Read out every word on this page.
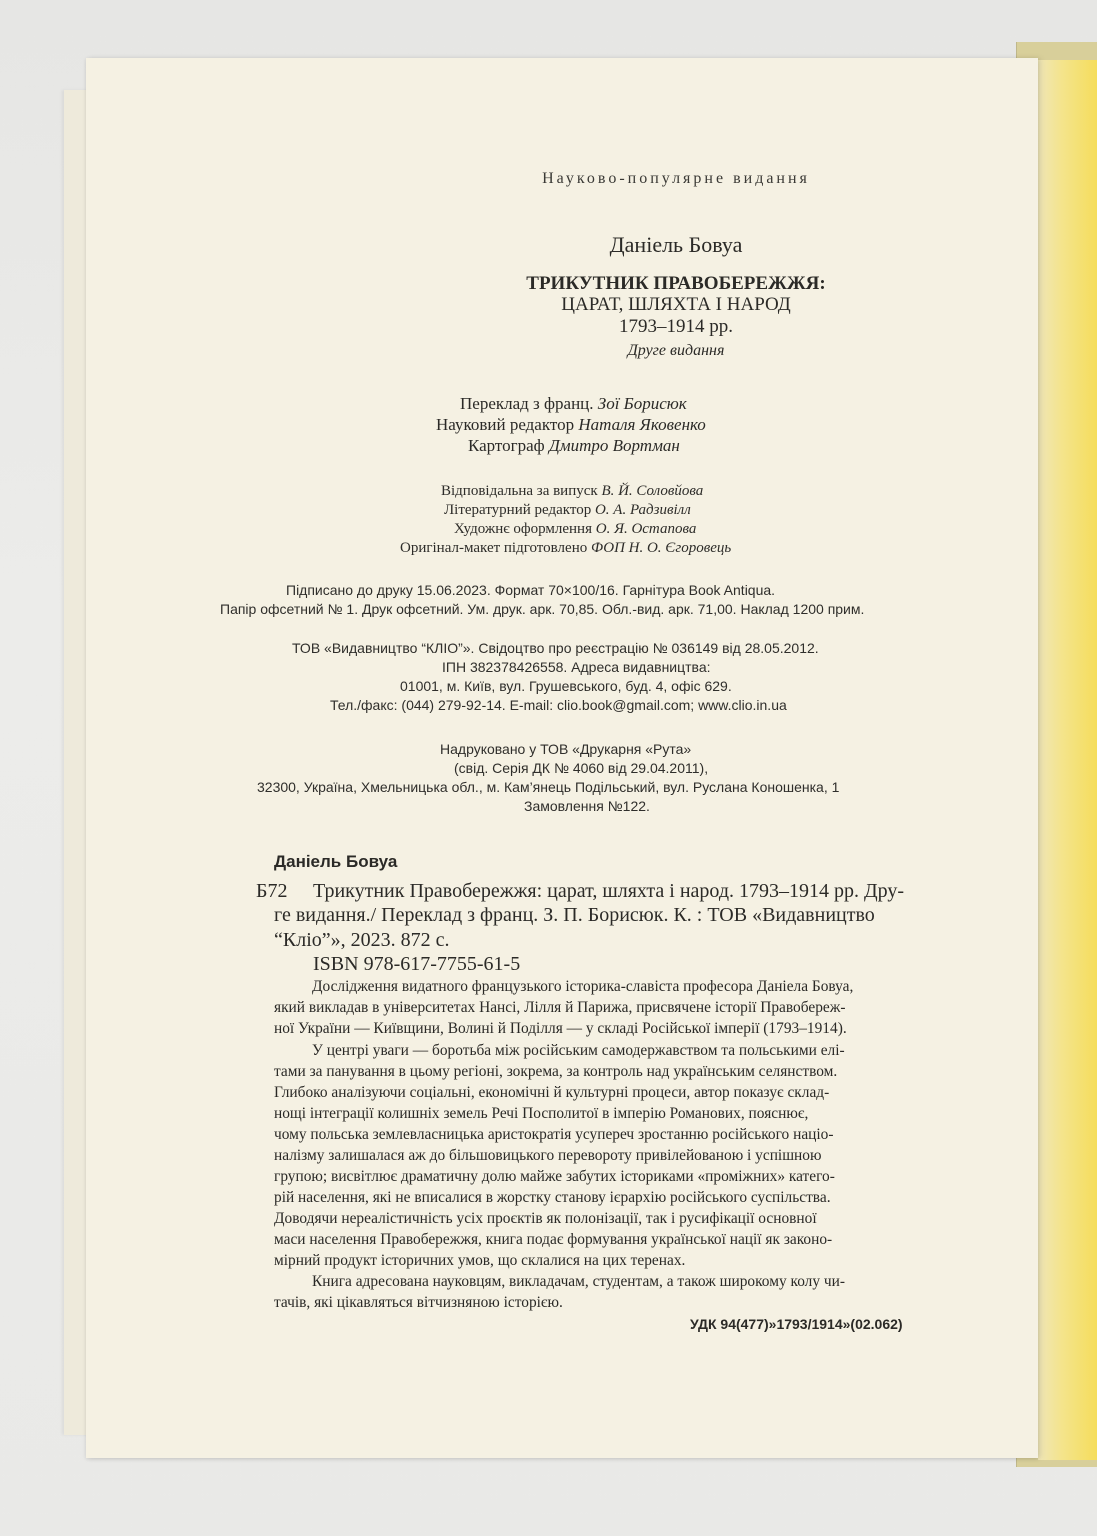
Науково-популярне видання
Даніель Бовуа
ТРИКУТНИК ПРАВОБЕРЕЖЖЯ:
ЦАРАТ, ШЛЯХТА І НАРОД
1793–1914 рр.
Друге видання
Переклад з франц. Зої Борисюк
Науковий редактор Наталя Яковенко
Картограф Дмитро Вортман
Відповідальна за випуск В. Й. Соловйова
Літературний редактор О. А. Радзивілл
Художнє оформлення О. Я. Остапова
Оригінал-макет підготовлено ФОП Н. О. Єгоровець
Підписано до друку 15.06.2023. Формат 70×100/16. Гарнітура Book Antiqua.
Папір офсетний № 1. Друк офсетний. Ум. друк. арк. 70,85. Обл.-вид. арк. 71,00. Наклад 1200 прим.
ТОВ «Видавництво “КЛІО”». Свідоцтво про реєстрацію № 036149 від 28.05.2012.
ІПН 382378426558. Адреса видавництва:
01001, м. Київ, вул. Грушевського, буд. 4, офіс 629.
Тел./факс: (044) 279-92-14. E-mail: clio.book@gmail.com; www.clio.in.ua
Надруковано у ТОВ «Друкарня «Рута»
(свід. Серія ДК № 4060 від 29.04.2011),
32300, Україна, Хмельницька обл., м. Кам’янець Подільський, вул. Руслана Коношенка, 1
Замовлення №122.
Даніель Бовуа
Б72 Трикутник Правобережжя: царат, шляхта і народ. 1793–1914 рр. Дру-
ге видання./ Переклад з франц. З. П. Борисюк. К. : ТОВ «Видавництво
“Кліо”», 2023. 872 с.
ISBN 978-617-7755-61-5
Дослідження видатного французького історика-славіста професора Даніела Бовуа,
який викладав в університетах Нансі, Лілля й Парижа, присвячене історії Правобереж-
ної України — Київщини, Волині й Поділля — у складі Російської імперії (1793–1914).
У центрі уваги — боротьба між російським самодержавством та польськими елі-
тами за панування в цьому регіоні, зокрема, за контроль над українським селянством.
Глибоко аналізуючи соціальні, економічні й культурні процеси, автор показує склад-
нощі інтеграції колишніх земель Речі Посполитої в імперію Романових, пояснює,
чому польська землевласницька аристократія усупереч зростанню російського націо-
налізму залишалася аж до більшовицького перевороту привілейованою і успішною
групою; висвітлює драматичну долю майже забутих істориками «проміжних» катего-
рій населення, які не вписалися в жорстку станову ієрархію російського суспільства.
Доводячи нереалістичність усіх проєктів як полонізації, так і русифікації основної
маси населення Правобережжя, книга подає формування української нації як законо-
мірний продукт історичних умов, що склалися на цих теренах.
Книга адресована науковцям, викладачам, студентам, а також широкому колу чи-
тачів, які цікавляться вітчизняною історією.
УДК 94(477)»1793/1914»(02.062)
